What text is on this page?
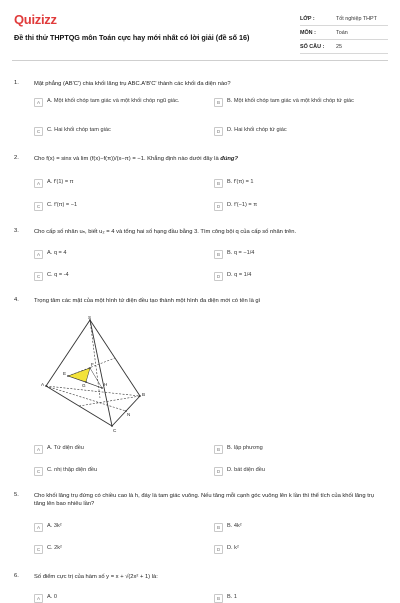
Quizizz
Đề thi thử THPTQG môn Toán cực hay mới nhất có lời giải (đề số 16)
LỚP :	Tốt nghiệp THPT
MÔN :	Toán
SỐ CÂU :	25
1.	Mặt phẳng (AB'C') chia khối lăng trụ ABC.A'B'C' thành các khối đa diện nào?
A	A. Một khối chóp tam giác và một khối chóp ngũ giác.	B	B. Một khối chóp tam giác và một khối chóp tứ giác
C	C. Hai khối chóp tam giác	D	D. Hai khối chóp tứ giác
2.	Cho f(x) = sinx và lim (f(x)−f(π))/(x−π) = −1. Khẳng định nào dưới đây là đúng?
A	A. f'(1) = π	B	B. f'(π) = 1
C	C. f'(π) = −1	D	D. f'(−1) = π
3.	Cho cấp số nhân uₙ, biết u₂ = 4 và tổng hai số hạng đầu bằng 3. Tìm công bội q của cấp số nhân trên.
A	A. q = 4	B	B. q = −1/4
C	C. q = -4	D	D. q = 1/4
4.	Trọng tâm các mặt của một hình tứ diện đều tạo thành một hình đa diện mới có tên là gì
S
A
B
C
E
F
G
N
H
A	A. Tứ diện đều	B	B. lập phương
C	C. nhị thập diện đều	D	D. bát diện đều
5.	Cho khối lăng trụ đứng có chiều cao là h, đáy là tam giác vuông. Nếu tăng mỗi cạnh góc vuông lên k lần thì thể tích của khối lăng trụ tăng lên bao nhiêu lần?
A	A. 3k²	B	B. 4k²
C	C. 2k²	D	D. k²
6.	Số điểm cực trị của hàm số y = x + √(2x² + 1) là:
A	A. 0	B	B. 1
